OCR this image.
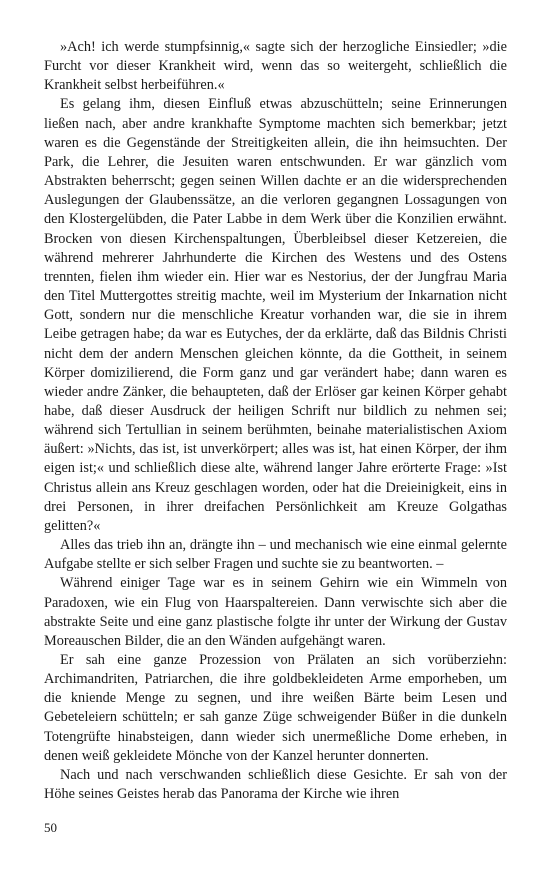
»Ach! ich werde stumpfsinnig,« sagte sich der herzogliche Einsiedler; »die Furcht vor dieser Krankheit wird, wenn das so weitergeht, schließlich die Krankheit selbst herbeiführen.«

Es gelang ihm, diesen Einfluß etwas abzuschütteln; seine Erinnerungen ließen nach, aber andre krankhafte Symptome machten sich bemerkbar; jetzt waren es die Gegenstände der Streitigkeiten allein, die ihn heimsuchten. Der Park, die Lehrer, die Jesuiten waren entschwunden. Er war gänzlich vom Abstrakten beherrscht; gegen seinen Willen dachte er an die widersprechenden Auslegungen der Glaubenssätze, an die verloren gegangnen Lossagungen von den Klostergelübden, die Pater Labbe in dem Werk über die Konzilien erwähnt. Brocken von diesen Kirchenspaltungen, Überbleibsel dieser Ketzereien, die während mehrerer Jahrhunderte die Kirchen des Westens und des Ostens trennten, fielen ihm wieder ein. Hier war es Nestorius, der der Jungfrau Maria den Titel Muttergottes streitig machte, weil im Mysterium der Inkarnation nicht Gott, sondern nur die menschliche Kreatur vorhanden war, die sie in ihrem Leibe getragen habe; da war es Eutyches, der da erklärte, daß das Bildnis Christi nicht dem der andern Menschen gleichen könnte, da die Gottheit, in seinem Körper domizilierend, die Form ganz und gar verändert habe; dann waren es wieder andre Zänker, die behaupteten, daß der Erlöser gar keinen Körper gehabt habe, daß dieser Ausdruck der heiligen Schrift nur bildlich zu nehmen sei; während sich Tertullian in seinem berühmten, beinahe materialistischen Axiom äußert: »Nichts, das ist, ist unverkörpert; alles was ist, hat einen Körper, der ihm eigen ist;« und schließlich diese alte, während langer Jahre erörterte Frage: »Ist Christus allein ans Kreuz geschlagen worden, oder hat die Dreieinigkeit, eins in drei Personen, in ihrer dreifachen Persönlichkeit am Kreuze Golgathas gelitten?«

Alles das trieb ihn an, drängte ihn – und mechanisch wie eine einmal gelernte Aufgabe stellte er sich selber Fragen und suchte sie zu beantworten. –

Während einiger Tage war es in seinem Gehirn wie ein Wimmeln von Paradoxen, wie ein Flug von Haarspaltereien. Dann verwischte sich aber die abstrakte Seite und eine ganz plastische folgte ihr unter der Wirkung der Gustav Moreauschen Bilder, die an den Wänden aufgehängt waren.

Er sah eine ganze Prozession von Prälaten an sich vorüberziehn: Archimandriten, Patriarchen, die ihre goldbekleideten Arme emporheben, um die kniende Menge zu segnen, und ihre weißen Bärte beim Lesen und Gebeteleiern schütteln; er sah ganze Züge schweigender Büßer in die dunkeln Totengrüfte hinabsteigen, dann wieder sich unermeßliche Dome erheben, in denen weiß gekleidete Mönche von der Kanzel herunter donnerten.

Nach und nach verschwanden schließlich diese Gesichte. Er sah von der Höhe seines Geistes herab das Panorama der Kirche wie ihren

50
